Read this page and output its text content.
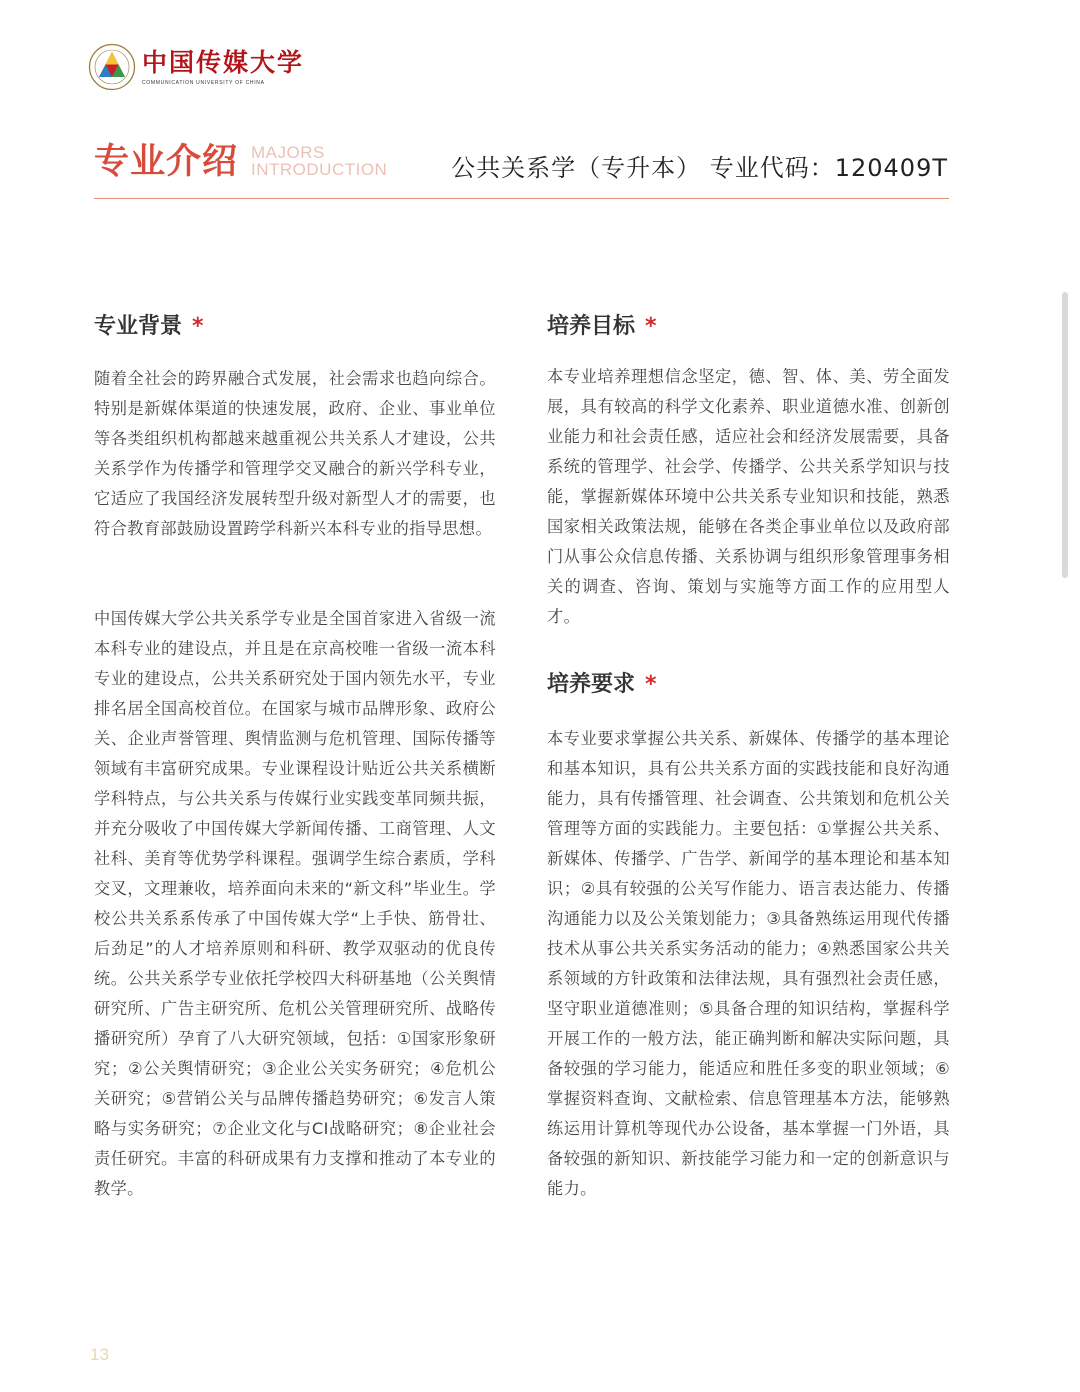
中国传媒大学
COMMUNICATION UNIVERSITY OF CHINA
专业介绍 MAJORS
INTRODUCTION	公共关系学（专升本） 专业代码：120409T
专业背景 *

随着全社会的跨界融合式发展，社会需求也趋向综合。特别是新媒体渠道的快速发展，政府、企业、事业单位等各类组织机构都越来越重视公共关系人才建设，公共关系学作为传播学和管理学交叉融合的新兴学科专业，它适应了我国经济发展转型升级对新型人才的需要，也符合教育部鼓励设置跨学科新兴本科专业的指导思想。

中国传媒大学公共关系学专业是全国首家进入省级一流本科专业的建设点，并且是在京高校唯一省级一流本科专业的建设点，公共关系研究处于国内领先水平，专业排名居全国高校首位。在国家与城市品牌形象、政府公关、企业声誉管理、舆情监测与危机管理、国际传播等领域有丰富研究成果。专业课程设计贴近公共关系横断学科特点，与公共关系与传媒行业实践变革同频共振，并充分吸收了中国传媒大学新闻传播、工商管理、人文社科、美育等优势学科课程。强调学生综合素质，学科交叉，文理兼收，培养面向未来的“新文科”毕业生。学校公共关系系传承了中国传媒大学“上手快、筋骨壮、后劲足”的人才培养原则和科研、教学双驱动的优良传统。公共关系学专业依托学校四大科研基地（公关舆情研究所、广告主研究所、危机公关管理研究所、战略传播研究所）孕育了八大研究领域，包括：①国家形象研究；②公关舆情研究；③企业公关实务研究；④危机公关研究；⑤营销公关与品牌传播趋势研究；⑥发言人策略与实务研究；⑦企业文化与CI战略研究；⑧企业社会责任研究。丰富的科研成果有力支撑和推动了本专业的教学。

培养目标 *

本专业培养理想信念坚定，德、智、体、美、劳全面发展，具有较高的科学文化素养、职业道德水准、创新创业能力和社会责任感，适应社会和经济发展需要，具备系统的管理学、社会学、传播学、公共关系学知识与技能，掌握新媒体环境中公共关系专业知识和技能，熟悉国家相关政策法规，能够在各类企事业单位以及政府部门从事公众信息传播、关系协调与组织形象管理事务相关的调查、咨询、策划与实施等方面工作的应用型人才。

培养要求 *

本专业要求掌握公共关系、新媒体、传播学的基本理论和基本知识，具有公共关系方面的实践技能和良好沟通能力，具有传播管理、社会调查、公共策划和危机公关管理等方面的实践能力。主要包括：①掌握公共关系、新媒体、传播学、广告学、新闻学的基本理论和基本知识；②具有较强的公关写作能力、语言表达能力、传播沟通能力以及公关策划能力；③具备熟练运用现代传播技术从事公共关系实务活动的能力；④熟悉国家公共关系领域的方针政策和法律法规，具有强烈社会责任感，坚守职业道德准则；⑤具备合理的知识结构，掌握科学开展工作的一般方法，能正确判断和解决实际问题，具备较强的学习能力，能适应和胜任多变的职业领域；⑥掌握资料查询、文献检索、信息管理基本方法，能够熟练运用计算机等现代办公设备，基本掌握一门外语，具备较强的新知识、新技能学习能力和一定的创新意识与能力。

13
